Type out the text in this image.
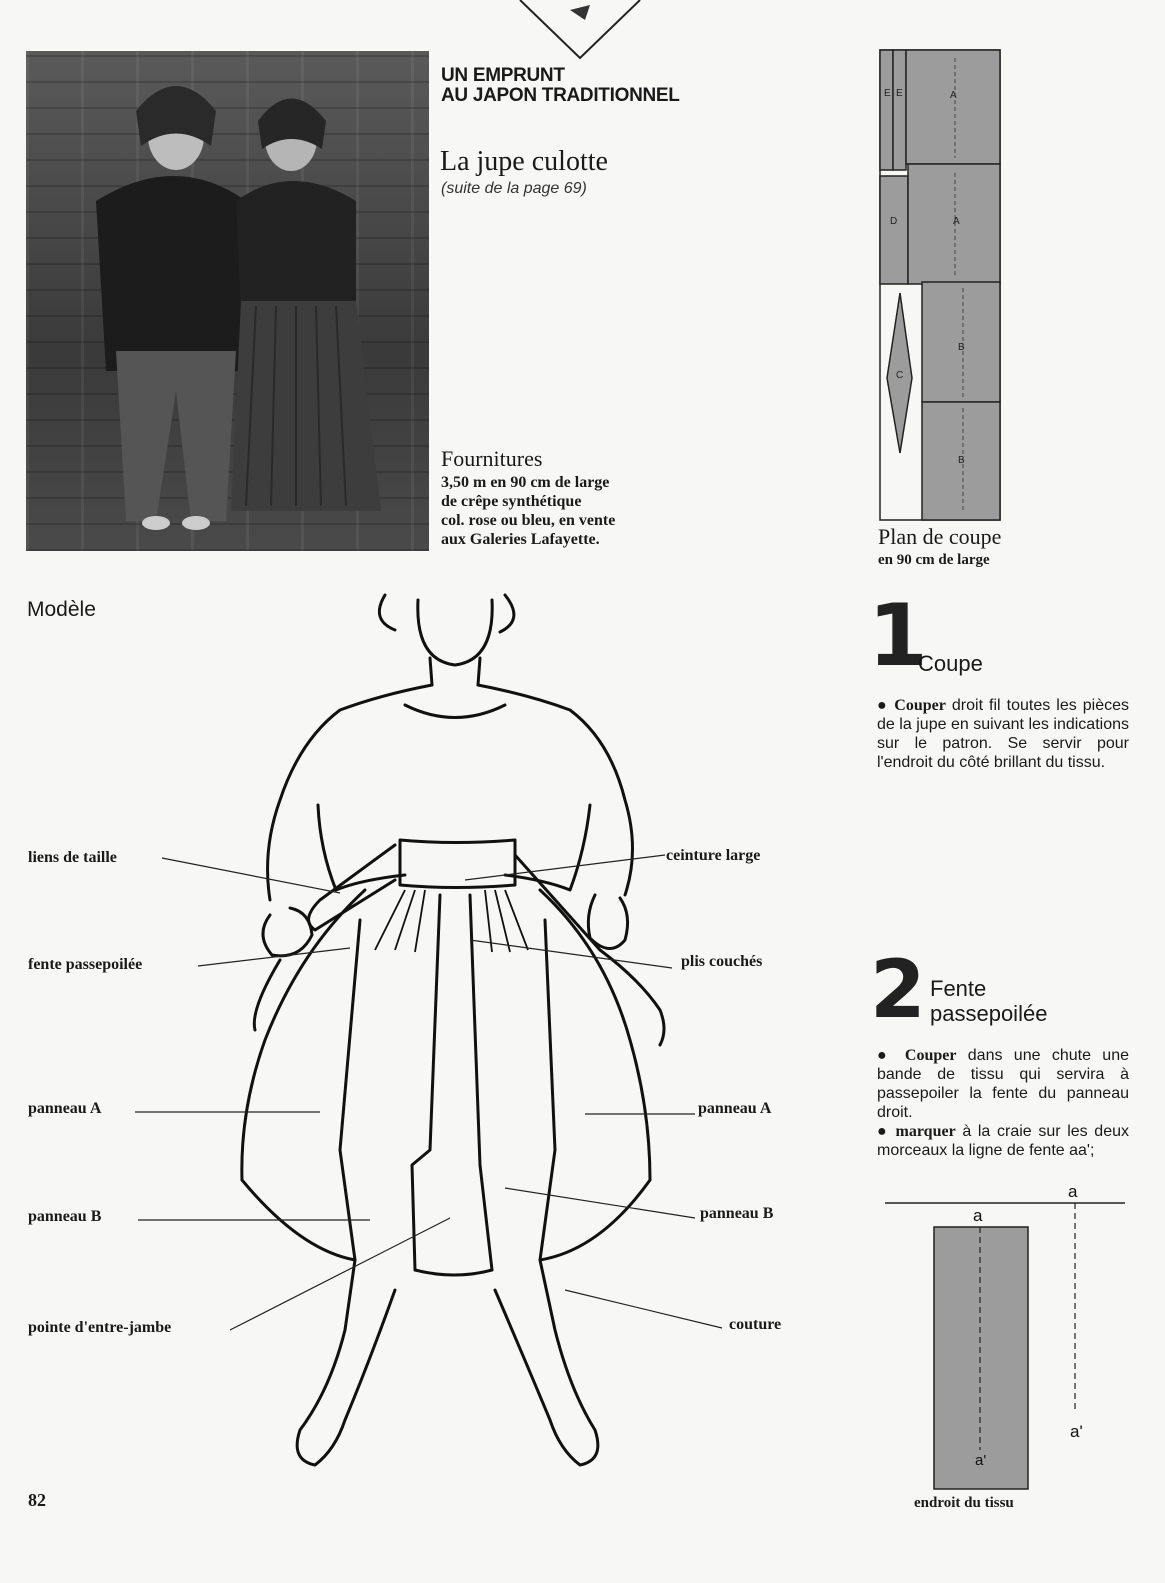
UN EMPRUNT
AU JAPON TRADITIONNEL
La jupe culotte
(suite de la page 69)
Fournitures
3,50 m en 90 cm de large
de crêpe synthétique
col. rose ou bleu, en vente
aux Galeries Lafayette.
E E	A
D	A
B
C
B
Plan de coupe
en 90 cm de large
Modèle
liens de taille
fente passepoilée
panneau A
panneau B
pointe d'entre-jambe
ceinture large
plis couchés
panneau A
panneau B
couture
1
Coupe
● Couper droit fil toutes les pièces de la jupe en suivant les indications sur le patron. Se servir pour l'endroit du côté brillant du tissu.
2 Fente
passepoilée
● Couper dans une chute une bande de tissu qui servira à passepoiler la fente du panneau droit.
● marquer à la craie sur les deux morceaux la ligne de fente aa';
a
a
a'
a'
endroit du tissu
82
